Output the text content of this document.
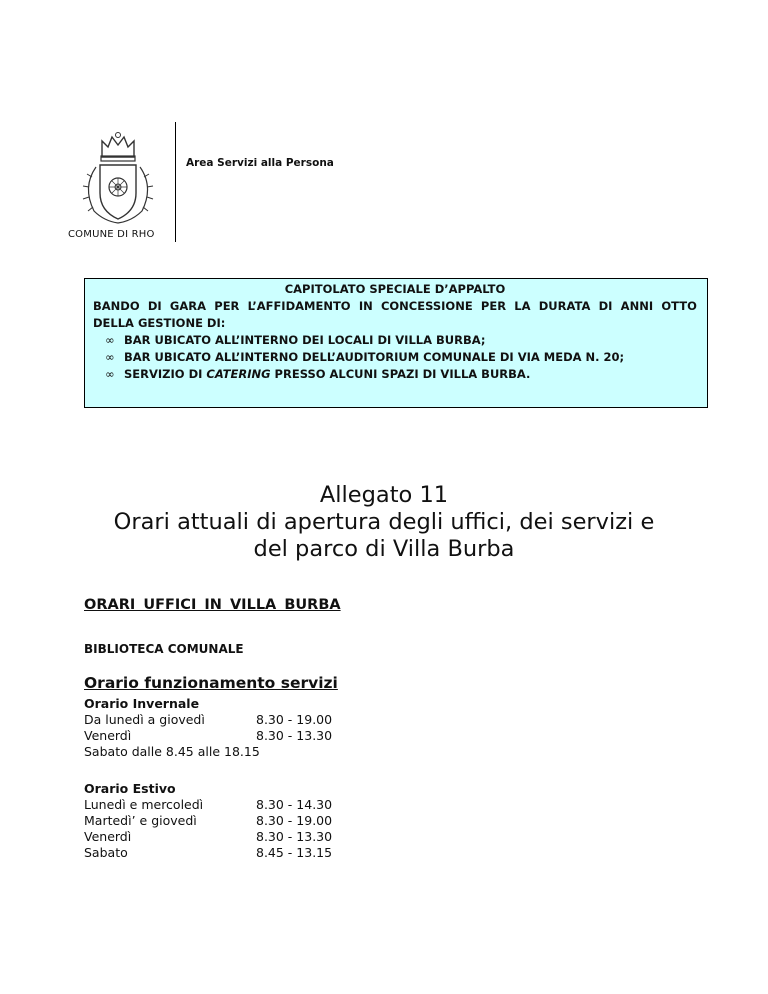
COMUNE DI RHO
Area Servizi alla Persona
CAPITOLATO SPECIALE D’APPALTO
BANDO DI GARA PER L’AFFIDAMENTO IN CONCESSIONE PER LA DURATA DI ANNI OTTO
DELLA GESTIONE DI:
∞ BAR UBICATO ALL’INTERNO DEI LOCALI DI VILLA BURBA;
∞ BAR UBICATO ALL’INTERNO DELL’AUDITORIUM COMUNALE DI VIA MEDA N. 20;
∞ SERVIZIO DI CATERING PRESSO ALCUNI SPAZI DI VILLA BURBA.
Allegato 11
Orari attuali di apertura degli uffici, dei servizi e
del parco di Villa Burba
ORARI UFFICI IN VILLA BURBA
BIBLIOTECA COMUNALE
Orario funzionamento servizi
Orario Invernale
Da lunedì a giovedì	8.30 - 19.00
Venerdì	8.30 - 13.30
Sabato dalle 8.45 alle 18.15
Orario Estivo
Lunedì e mercoledì	8.30 - 14.30
Martedì’ e giovedì	8.30 - 19.00
Venerdì	8.30 - 13.30
Sabato	8.45 - 13.15
